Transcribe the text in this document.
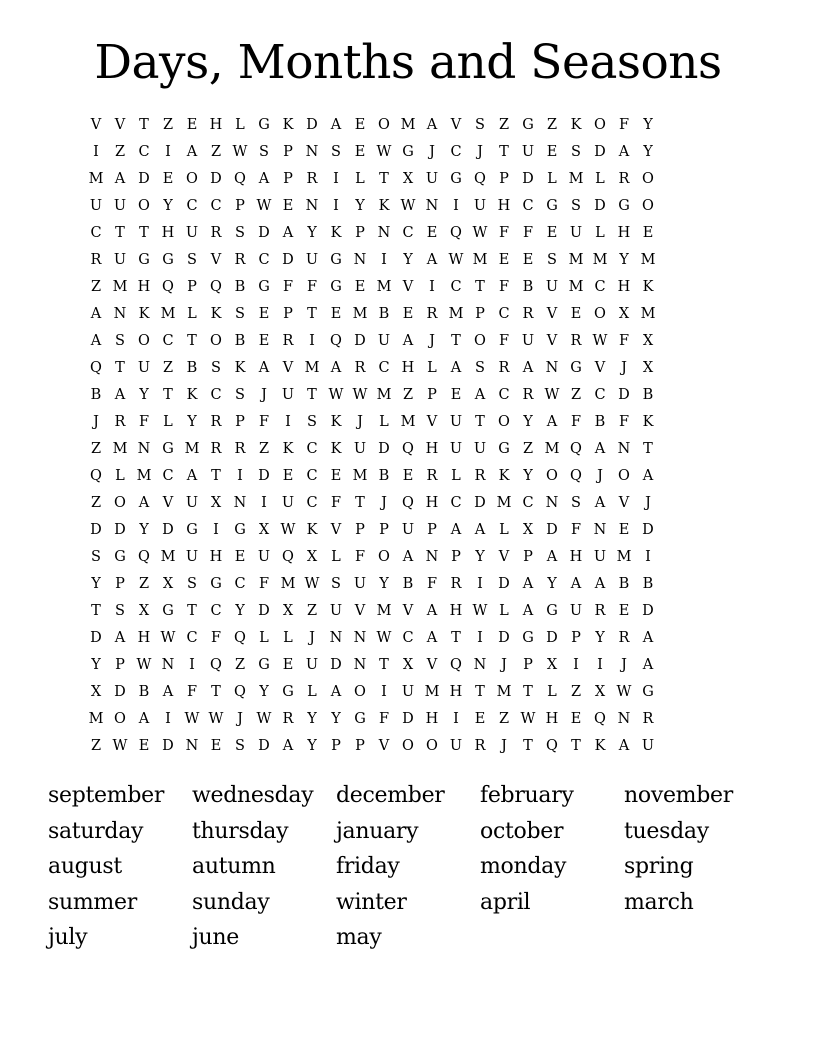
Days, Months and Seasons
V V T Z E H L G K D A E O M A V S Z G Z K O F Y
I	Z C	I	A Z W S P N S E W G	J	C	J	T U E S D A Y
M A D E O D Q A P R	I	L T X U G Q P D L M L R O
U U O Y C C P W E N	I	Y K W N	I	U H C G S D G O
C T T H U R S D A Y K P N C E Q W F F E U L H E
R U G G S V R C D U G N	I	Y A W M E E S M M Y M
Z M H Q P Q B G F F G E M V	I	C T F B U M C H K
A N K M L K S E P T E M B E R M P C R V E O X M
A S O C T O B E R	I	Q D U A	J	T O F U V R W F X
Q T U Z B S K A V M A R C H L A S R A N G V	J	X
B A Y T K C S	J	U T W W M Z P E A C R W Z C D B
J	R F L Y R P F	I	S K	J	L M V U T O Y A F B F K
Z M N G M R R Z K C K U D Q H U U G Z M Q A N T
Q L M C A T	I	D E C E M B E R L R K Y O Q	J	O A
Z O A V U X N	I	U C F T	J	Q H C D M C N S A V	J
D D Y D G	I	G X W K V P P U P A A L X D F N E D
S G Q M U H E U Q X L F O A N P Y V P A H U M I
Y P Z X S G C F M W S U Y B F R	I	D A Y A A B B
T S X G T C Y D X Z U V M V A H W L A G U R E D
D A H W C F Q L L	J	N N W C A T	I	D G D P Y R A
Y P W N	I	Q Z G E U D N T X V Q N	J	P X	I	I	J	A
X D B A F T Q Y G L A O	I	U M H T M T L Z X W G
M O A	I W W J W R Y Y G F D H	I	E Z W H E Q N R
Z W E D N E S D A Y P P V O O U R	J	T Q T K A U
september	wednesday	december	february	november
saturday	thursday	january	october	tuesday
august	autumn	friday	monday	spring
summer	sunday	winter	april	march
july	june	may
